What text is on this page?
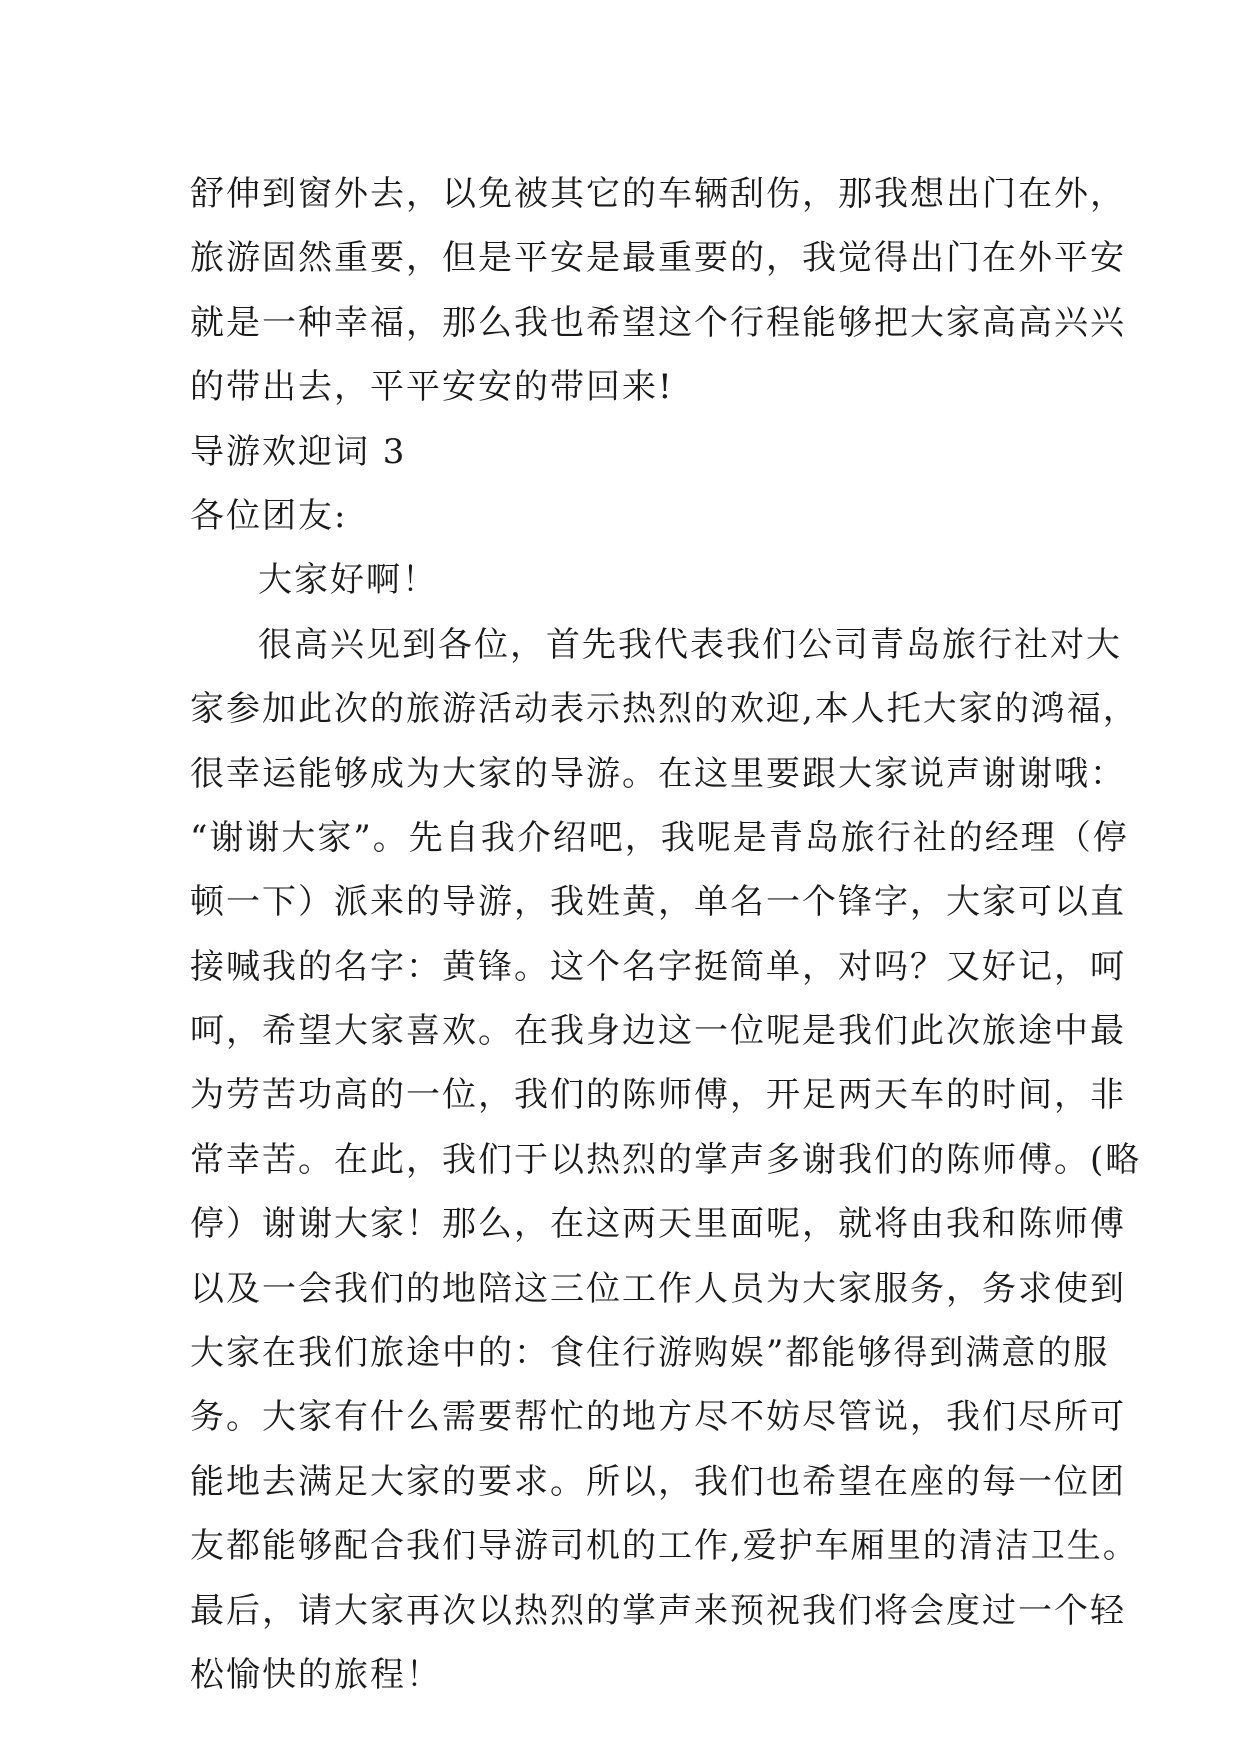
舒伸到窗外去，以免被其它的车辆刮伤，那我想出门在外，
旅游固然重要，但是平安是最重要的，我觉得出门在外平安
就是一种幸福，那么我也希望这个行程能够把大家高高兴兴
的带出去，平平安安的带回来!
导游欢迎词 3
各位团友:
大家好啊！
很高兴见到各位，首先我代表我们公司青岛旅行社对大
家参加此次的旅游活动表示热烈的欢迎,本人托大家的鸿福，
很幸运能够成为大家的导游。在这里要跟大家说声谢谢哦：
“谢谢大家”。先自我介绍吧，我呢是青岛旅行社的经理（停
顿一下）派来的导游，我姓黄，单名一个锋字，大家可以直
接喊我的名字：黄锋。这个名字挺简单，对吗？又好记，呵
呵，希望大家喜欢。在我身边这一位呢是我们此次旅途中最
为劳苦功高的一位，我们的陈师傅，开足两天车的时间，非
常幸苦。在此，我们于以热烈的掌声多谢我们的陈师傅。(略
停）谢谢大家！那么，在这两天里面呢，就将由我和陈师傅
以及一会我们的地陪这三位工作人员为大家服务，务求使到
大家在我们旅途中的：食住行游购娱”都能够得到满意的服
务。大家有什么需要帮忙的地方尽不妨尽管说，我们尽所可
能地去满足大家的要求。所以，我们也希望在座的每一位团
友都能够配合我们导游司机的工作,爱护车厢里的清洁卫生。
最后，请大家再次以热烈的掌声来预祝我们将会度过一个轻
松愉快的旅程！
